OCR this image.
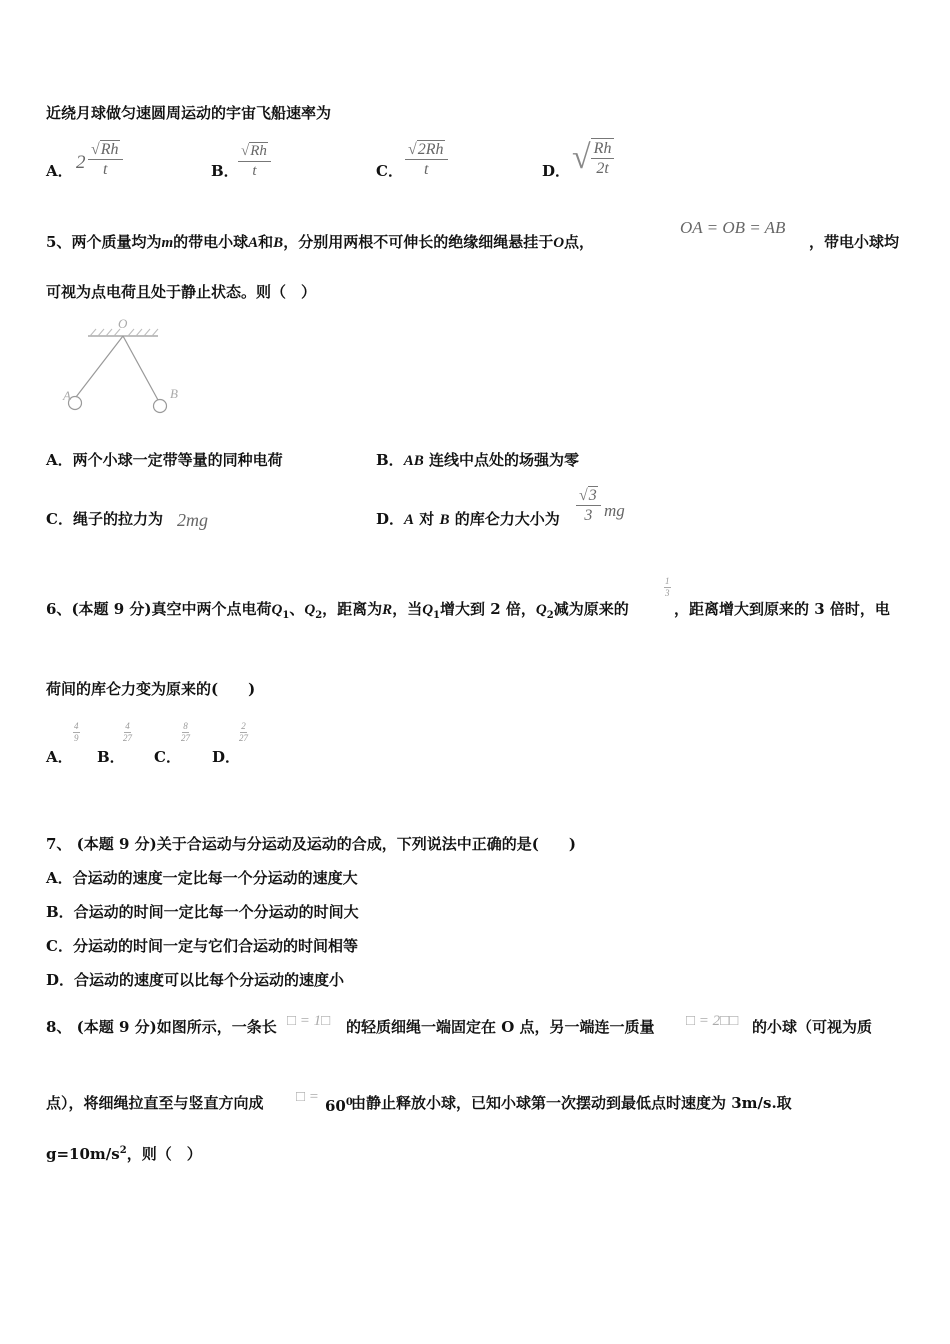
近绕月球做匀速圆周运动的宇宙飞船速率为
A． $2 \frac{√Rh}{t}$	B． $\frac{√Rh}{t}$	C． $\frac{√2Rh}{t}$	D． √ $\frac{Rh}{2t}$
5、两个质量均为m的带电小球A和B，分别用两根不可伸长的绝缘细绳悬挂于O点，
OA = OB = AB
，带电小球均
可视为点电荷且处于静止状态。则（　）
O
A	B
A．两个小球一定带等量的同种电荷	B．AB 连线中点处的场强为零
C．绳子的拉力为 2mg	D．A 对 B 的库仑力大小为 $\frac{√3}{3}$ mg
6、(本题 9 分)真空中两个点电荷$Q_1$、$Q_2$，距离为R，当$Q_1$增大到 2 倍，$Q_2$减为原来的
$\frac{1}{3}$
，距离增大到原来的 3 倍时，电
荷间的库仑力变为原来的(　　)
A．
$\frac{4}{9}$
B．
$\frac{4}{27}$
C．
$\frac{8}{27}$
D．
$\frac{2}{27}$
7、 (本题 9 分)关于合运动与分运动及运动的合成，下列说法中正确的是(　　)
A．合运动的速度一定比每一个分运动的速度大
B．合运动的时间一定比每一个分运动的时间大
C．分运动的时间一定与它们合运动的时间相等
D．合运动的速度可以比每个分运动的速度小
8、 (本题 9 分)如图所示，一条长 □ = 1□ 的轻质细绳一端固定在 O 点，另一端连一质量 □ = 2□□ 的小球（可视为质
点），将细绳拉直至与竖直方向成 □ = $60^0$
由静止释放小球，已知小球第一次摆动到最低点时速度为 3m/s.取
$g=10m/s^2$，则（　）
